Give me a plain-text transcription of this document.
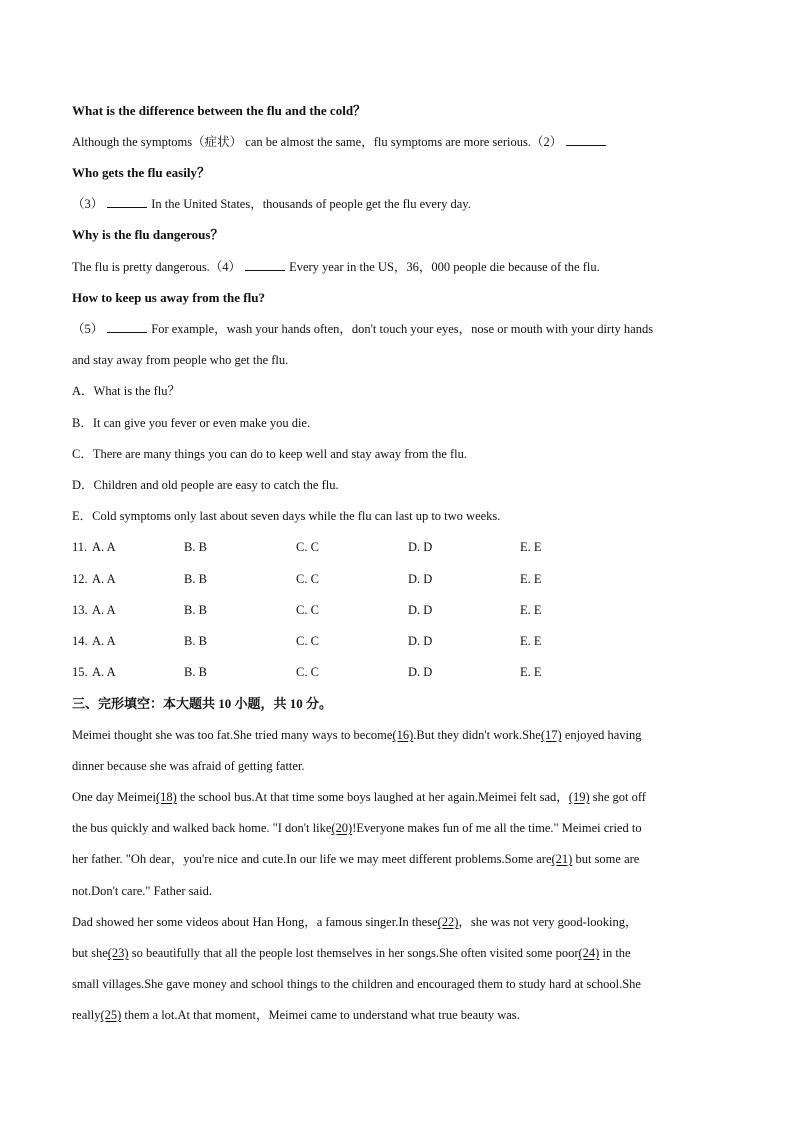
What is the difference between the flu and the cold？
Although the symptoms（症状） can be almost the same，flu symptoms are more serious.（2）
Who gets the flu easily？
（3）	In the United States，thousands of people get the flu every day.
Why is the flu dangerous？
The flu is pretty dangerous.（4）	Every year in the US，36，000 people die because of the flu.
How to keep us away from the flu?
（5）	For example，wash your hands often，don't touch your eyes，nose or mouth with your dirty hands
and stay away from people who get the flu.
A．What is the flu？
B．It can give you fever or even make you die.
C．There are many things you can do to keep well and stay away from the flu.
D．Children and old people are easy to catch the flu.
E．Cold symptoms only last about seven days while the flu can last up to two weeks.
11. A. A	B. B	C. C	D. D	E. E
12. A. A	B. B	C. C	D. D	E. E
13. A. A	B. B	C. C	D. D	E. E
14. A. A	B. B	C. C	D. D	E. E
15. A. A	B. B	C. C	D. D	E. E
三、完形填空：本大题共 10 小题，共 10 分。
Meimei thought she was too fat.She tried many ways to become(16).But they didn't work.She(17) enjoyed having
dinner because she was afraid of getting fatter.
One day Meimei(18) the school bus.At that time some boys laughed at her again.Meimei felt sad，(19) she got off
the bus quickly and walked back home. "I don't like(20)!Everyone makes fun of me all the time." Meimei cried to
her father. "Oh dear，you're nice and cute.In our life we may meet different problems.Some are(21) but some are
not.Don't care." Father said.
Dad showed her some videos about Han Hong，a famous singer.In these(22)，she was not very good-looking，
but she(23) so beautifully that all the people lost themselves in her songs.She often visited some poor(24) in the
small villages.She gave money and school things to the children and encouraged them to study hard at school.She
really(25) them a lot.At that moment，Meimei came to understand what true beauty was.
